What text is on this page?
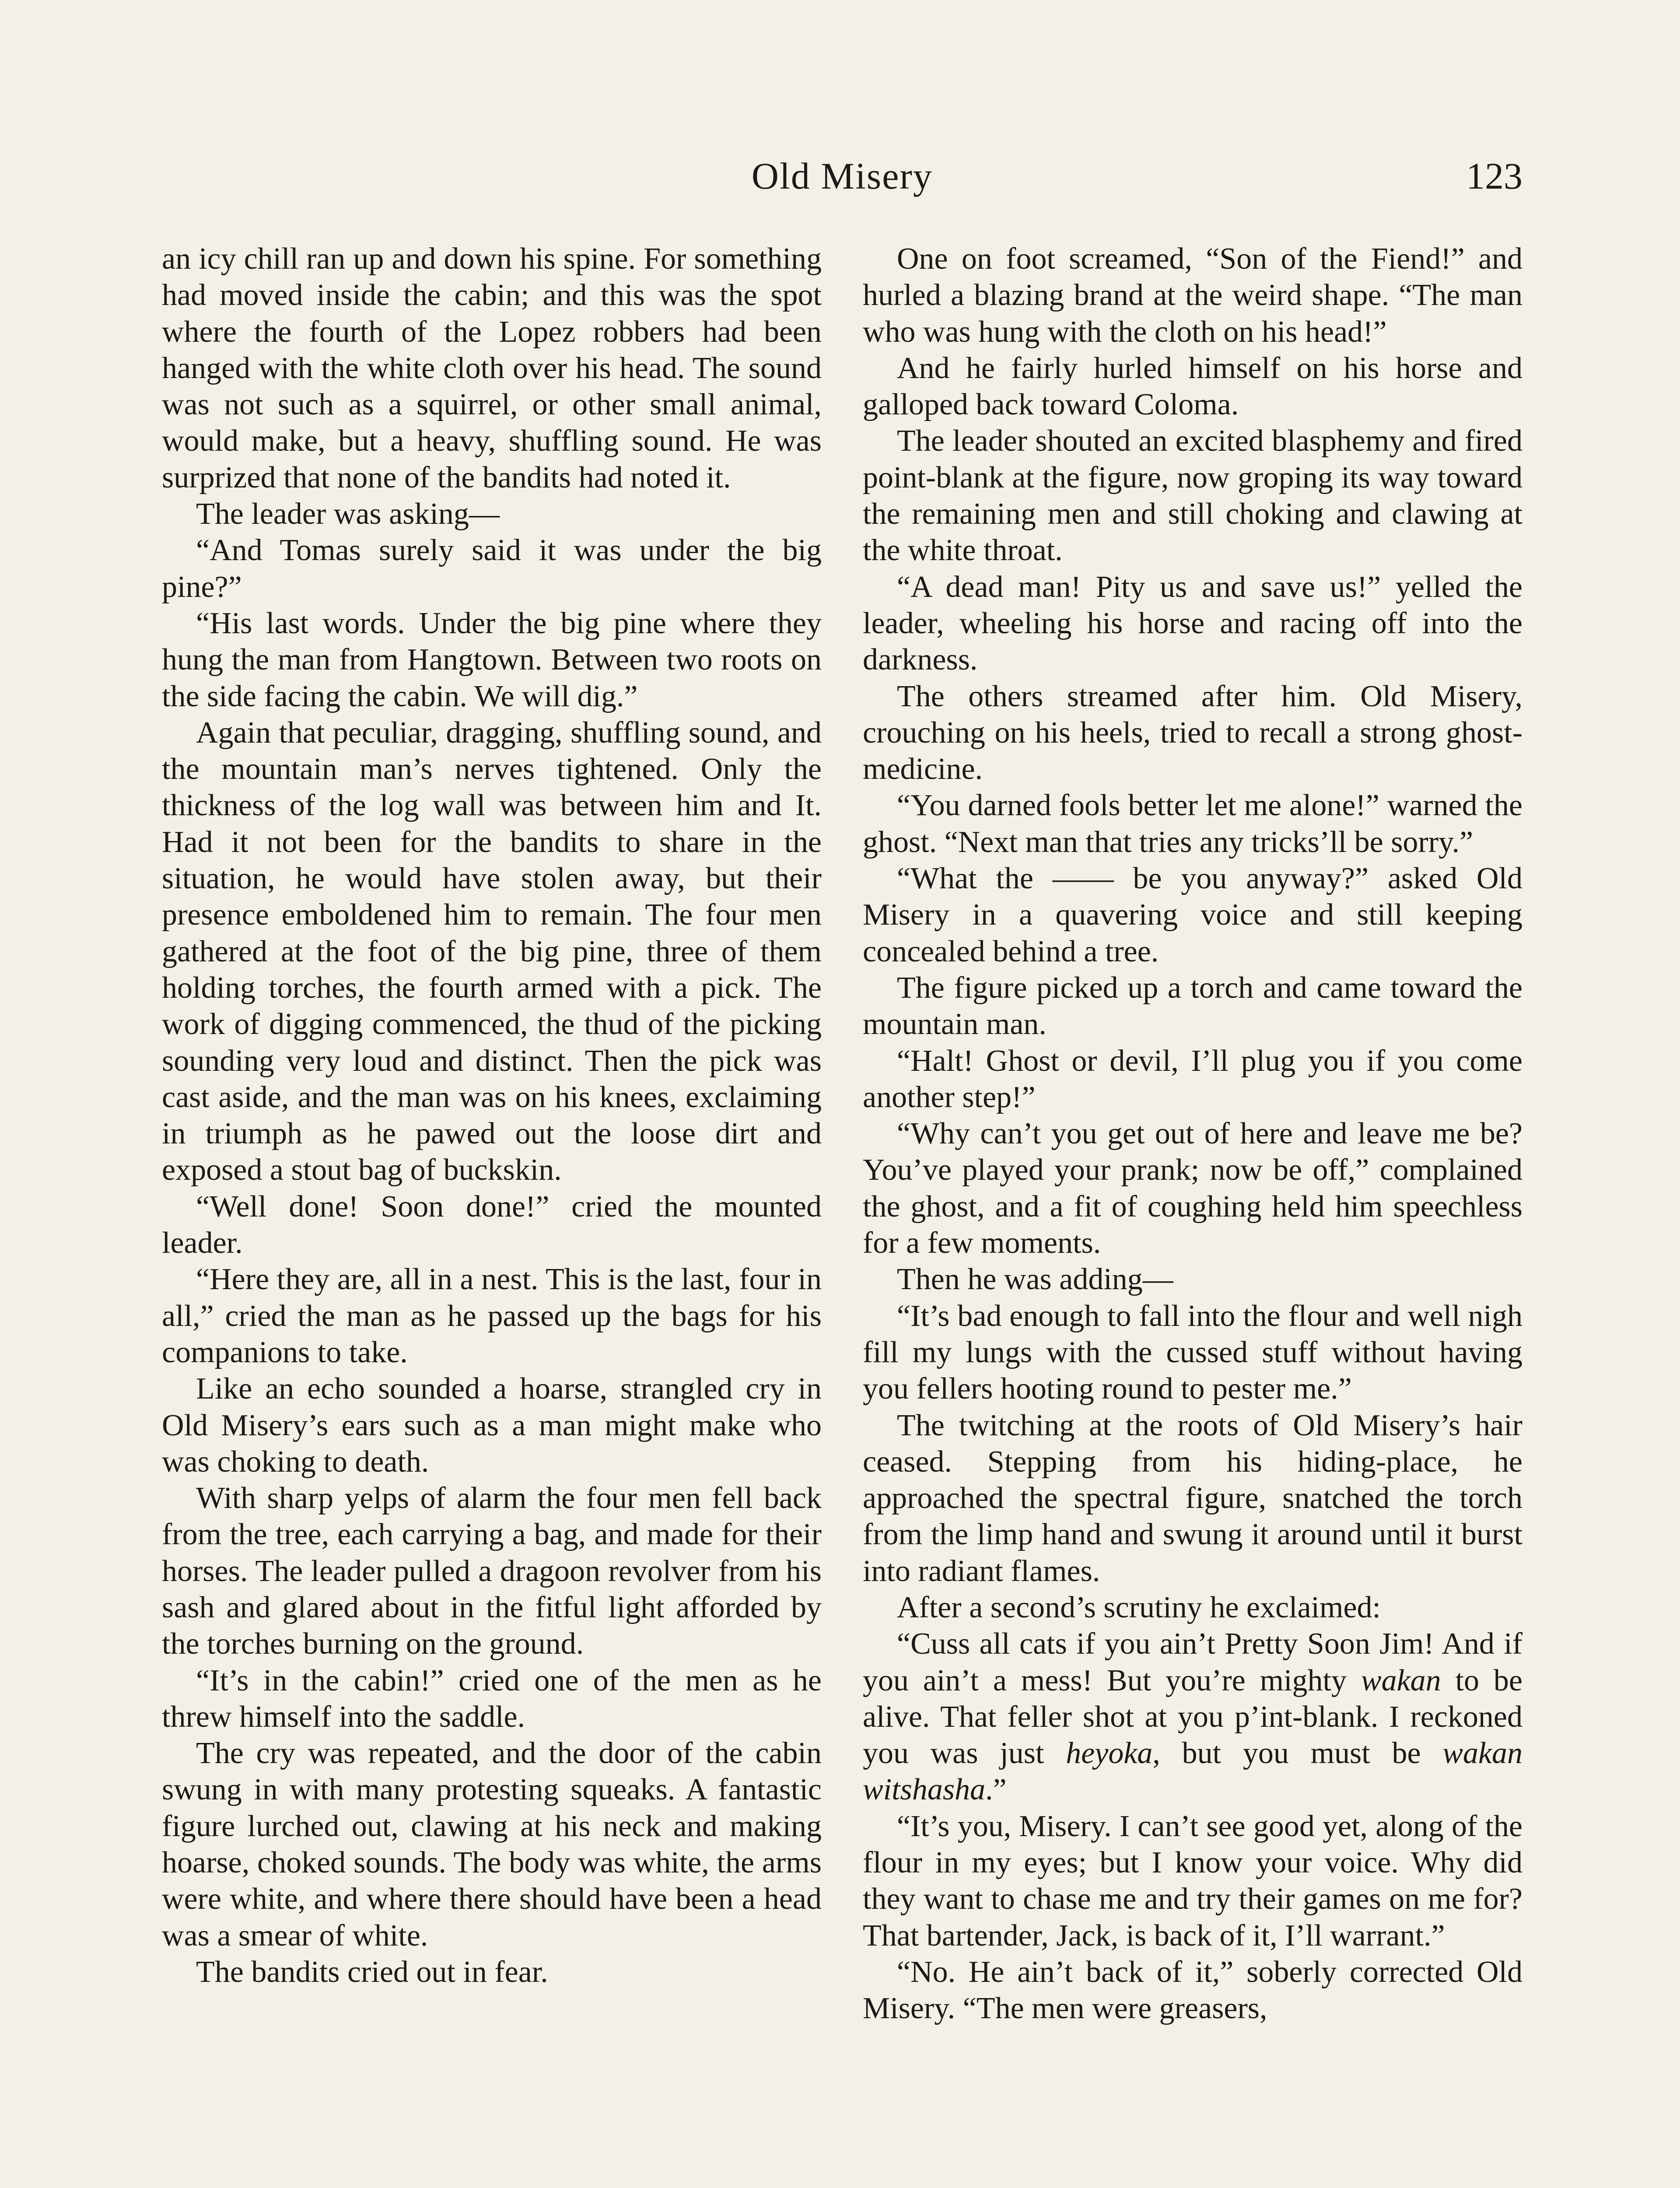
Old Misery	123

an icy chill ran up and down his spine. For something had moved inside the cabin; and this was the spot where the fourth of the Lopez robbers had been hanged with the white cloth over his head. The sound was not such as a squirrel, or other small animal, would make, but a heavy, shuffling sound. He was surprized that none of the bandits had noted it.

The leader was asking—

“And Tomas surely said it was under the big pine?”

“His last words. Under the big pine where they hung the man from Hangtown. Between two roots on the side facing the cabin. We will dig.”

Again that peculiar, dragging, shuffling sound, and the mountain man’s nerves tightened. Only the thickness of the log wall was between him and It. Had it not been for the bandits to share in the situation, he would have stolen away, but their presence emboldened him to remain. The four men gathered at the foot of the big pine, three of them holding torches, the fourth armed with a pick. The work of digging commenced, the thud of the picking sounding very loud and distinct. Then the pick was cast aside, and the man was on his knees, exclaiming in triumph as he pawed out the loose dirt and exposed a stout bag of buckskin.

“Well done! Soon done!” cried the mounted leader.

“Here they are, all in a nest. This is the last, four in all,” cried the man as he passed up the bags for his companions to take.

Like an echo sounded a hoarse, strangled cry in Old Misery’s ears such as a man might make who was choking to death.

With sharp yelps of alarm the four men fell back from the tree, each carrying a bag, and made for their horses. The leader pulled a dragoon revolver from his sash and glared about in the fitful light afforded by the torches burning on the ground.

“It’s in the cabin!” cried one of the men as he threw himself into the saddle.

The cry was repeated, and the door of the cabin swung in with many protesting squeaks. A fantastic figure lurched out, clawing at his neck and making hoarse, choked sounds. The body was white, the arms were white, and where there should have been a head was a smear of white.

The bandits cried out in fear.

One on foot screamed, “Son of the Fiend!” and hurled a blazing brand at the weird shape. “The man who was hung with the cloth on his head!”

And he fairly hurled himself on his horse and galloped back toward Coloma.

The leader shouted an excited blasphemy and fired point-blank at the figure, now groping its way toward the remaining men and still choking and clawing at the white throat.

“A dead man! Pity us and save us!” yelled the leader, wheeling his horse and racing off into the darkness.

The others streamed after him. Old Misery, crouching on his heels, tried to recall a strong ghost-medicine.

“You darned fools better let me alone!” warned the ghost. “Next man that tries any tricks’ll be sorry.”

“What the —— be you anyway?” asked Old Misery in a quavering voice and still keeping concealed behind a tree.

The figure picked up a torch and came toward the mountain man.

“Halt! Ghost or devil, I’ll plug you if you come another step!”

“Why can’t you get out of here and leave me be? You’ve played your prank; now be off,” complained the ghost, and a fit of coughing held him speechless for a few moments.

Then he was adding—

“It’s bad enough to fall into the flour and well nigh fill my lungs with the cussed stuff without having you fellers hooting round to pester me.”

The twitching at the roots of Old Misery’s hair ceased. Stepping from his hiding-place, he approached the spectral figure, snatched the torch from the limp hand and swung it around until it burst into radiant flames.

After a second’s scrutiny he exclaimed:

“Cuss all cats if you ain’t Pretty Soon Jim! And if you ain’t a mess! But you’re mighty wakan to be alive. That feller shot at you p’int-blank. I reckoned you was just heyoka, but you must be wakan witshasha.”

“It’s you, Misery. I can’t see good yet, along of the flour in my eyes; but I know your voice. Why did they want to chase me and try their games on me for? That bartender, Jack, is back of it, I’ll warrant.”

“No. He ain’t back of it,” soberly corrected Old Misery. “The men were greasers,
